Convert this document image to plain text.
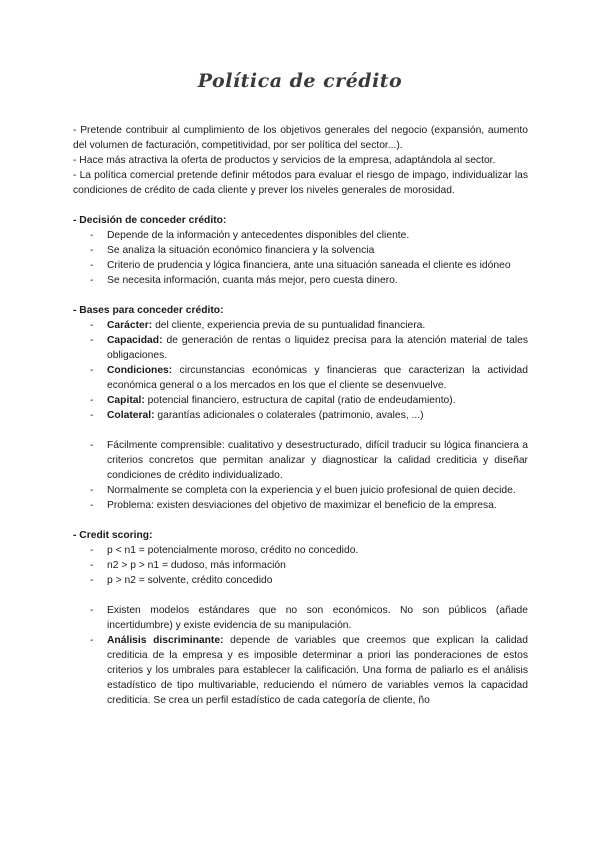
Política de crédito

- Pretende contribuir al cumplimiento de los objetivos generales del negocio (expansión, aumento del volumen de facturación, competitividad, por ser política del sector...).

- Hace más atractiva la oferta de productos y servicios de la empresa, adaptándola al sector.

- La política comercial pretende definir métodos para evaluar el riesgo de impago, individualizar las condiciones de crédito de cada cliente y prever los niveles generales de morosidad.

- Decisión de conceder crédito:

- Depende de la información y antecedentes disponibles del cliente.
- Se analiza la situación económico financiera y la solvencia
- Criterio de prudencia y lógica financiera, ante una situación saneada el cliente es idóneo
- Se necesita información, cuanta más mejor, pero cuesta dinero.

- Bases para conceder crédito:

- Carácter: del cliente, experiencia previa de su puntualidad financiera.
- Capacidad: de generación de rentas o liquidez precisa para la atención material de tales obligaciones.
- Condiciones: circunstancias económicas y financieras que caracterizan la actividad económica general o a los mercados en los que el cliente se desenvuelve.
- Capital: potencial financiero, estructura de capital (ratio de endeudamiento).
- Colateral: garantías adicionales o colaterales (patrimonio, avales, ...)
- Fácilmente comprensible: cualitativo y desestructurado, difícil traducir su lógica financiera a criterios concretos que permitan analizar y diagnosticar la calidad crediticia y diseñar condiciones de crédito individualizado.
- Normalmente se completa con la experiencia y el buen juicio profesional de quien decide.
- Problema: existen desviaciones del objetivo de maximizar el beneficio de la empresa.

- Credit scoring:

- p < n1 = potencialmente moroso, crédito no concedido.
- n2 > p > n1 = dudoso, más información
- p > n2 = solvente, crédito concedido
- Existen modelos estándares que no son económicos. No son públicos (añade incertidumbre) y existe evidencia de su manipulación.
- Análisis discriminante: depende de variables que creemos que explican la calidad crediticia de la empresa y es imposible determinar a priori las ponderaciones de estos criterios y los umbrales para establecer la calificación. Una forma de paliarlo es el análisis estadístico de tipo multivariable, reduciendo el número de variables vemos la capacidad crediticia. Se crea un perfil estadístico de cada categoría de cliente, ño
